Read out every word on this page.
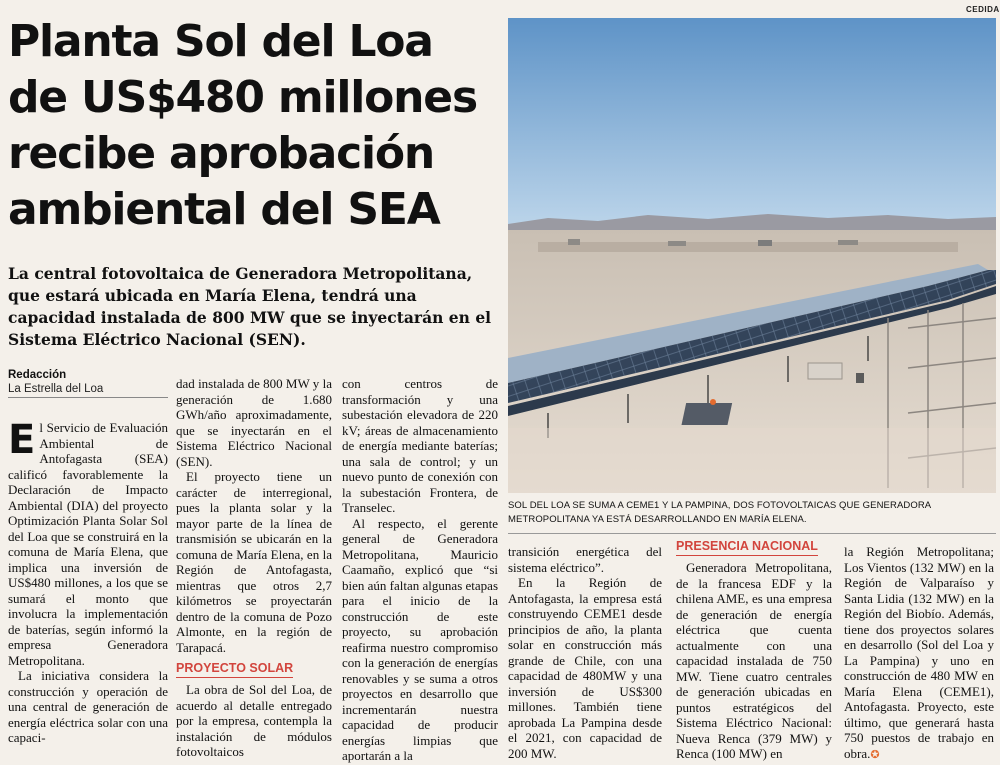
Planta Sol del Loa de US$480 millones recibe aprobación ambiental del SEA

La central fotovoltaica de Generadora Metropolitana, que estará ubicada en María Elena, tendrá una capacidad instalada de 800 MW que se inyectarán en el Sistema Eléctrico Nacional (SEN).

Redacción
La Estrella del Loa
CEDIDA

SOL DEL LOA SE SUMA A CEME1 Y LA PAMPINA, DOS FOTOVOLTAICAS QUE GENERADORA METROPOLITANA YA ESTÁ DESARROLLANDO EN MARÍA ELENA.

El Servicio de Evaluación Ambiental de Antofagasta (SEA) calificó favorablemente la Declaración de Impacto Ambiental (DIA) del proyecto Optimización Planta Solar Sol del Loa que se construirá en la comuna de María Elena, que implica una inversión de US$480 millones, a los que se sumará el monto que involucra la implementación de baterías, según informó la empresa Generadora Metropolitana.

La iniciativa considera la construcción y operación de una central de generación de energía eléctrica solar con una capaci-

dad instalada de 800 MW y la generación de 1.680 GWh/año aproximadamente, que se inyectarán en el Sistema Eléctrico Nacional (SEN).

El proyecto tiene un carácter de interregional, pues la planta solar y la mayor parte de la línea de transmisión se ubicarán en la comuna de María Elena, en la Región de Antofagasta, mientras que otros 2,7 kilómetros se proyectarán dentro de la comuna de Pozo Almonte, en la región de Tarapacá.

PROYECTO SOLAR

La obra de Sol del Loa, de acuerdo al detalle entregado por la empresa, contempla la instalación de módulos fotovoltaicos

con centros de transformación y una subestación elevadora de 220 kV; áreas de almacenamiento de energía mediante baterías; una sala de control; y un nuevo punto de conexión con la subestación Frontera, de Transelec.

Al respecto, el gerente general de Generadora Metropolitana, Mauricio Caamaño, explicó que “si bien aún faltan algunas etapas para el inicio de la construcción de este proyecto, su aprobación reafirma nuestro compromiso con la generación de energías renovables y se suma a otros proyectos en desarrollo que incrementarán nuestra capacidad de producir energías limpias que aportarán a la

transición energética del sistema eléctrico”.

En la Región de Antofagasta, la empresa está construyendo CEME1 desde principios de año, la planta solar en construcción más grande de Chile, con una capacidad de 480MW y una inversión de US$300 millones. También tiene aprobada La Pampina desde el 2021, con capacidad de 200 MW.

PRESENCIA NACIONAL

Generadora Metropolitana, de la francesa EDF y la chilena AME, es una empresa de generación de energía eléctrica que cuenta actualmente con una capacidad instalada de 750 MW. Tiene cuatro centrales de generación ubicadas en puntos estratégicos del Sistema Eléctrico Nacional: Nueva Renca (379 MW) y Renca (100 MW) en

la Región Metropolitana; Los Vientos (132 MW) en la Región de Valparaíso y Santa Lidia (132 MW) en la Región del Biobío. Además, tiene dos proyectos solares en desarrollo (Sol del Loa y La Pampina) y uno en construcción de 480 MW en María Elena (CEME1), Antofagasta. Proyecto, este último, que generará hasta 750 puestos de trabajo en obra.✪
